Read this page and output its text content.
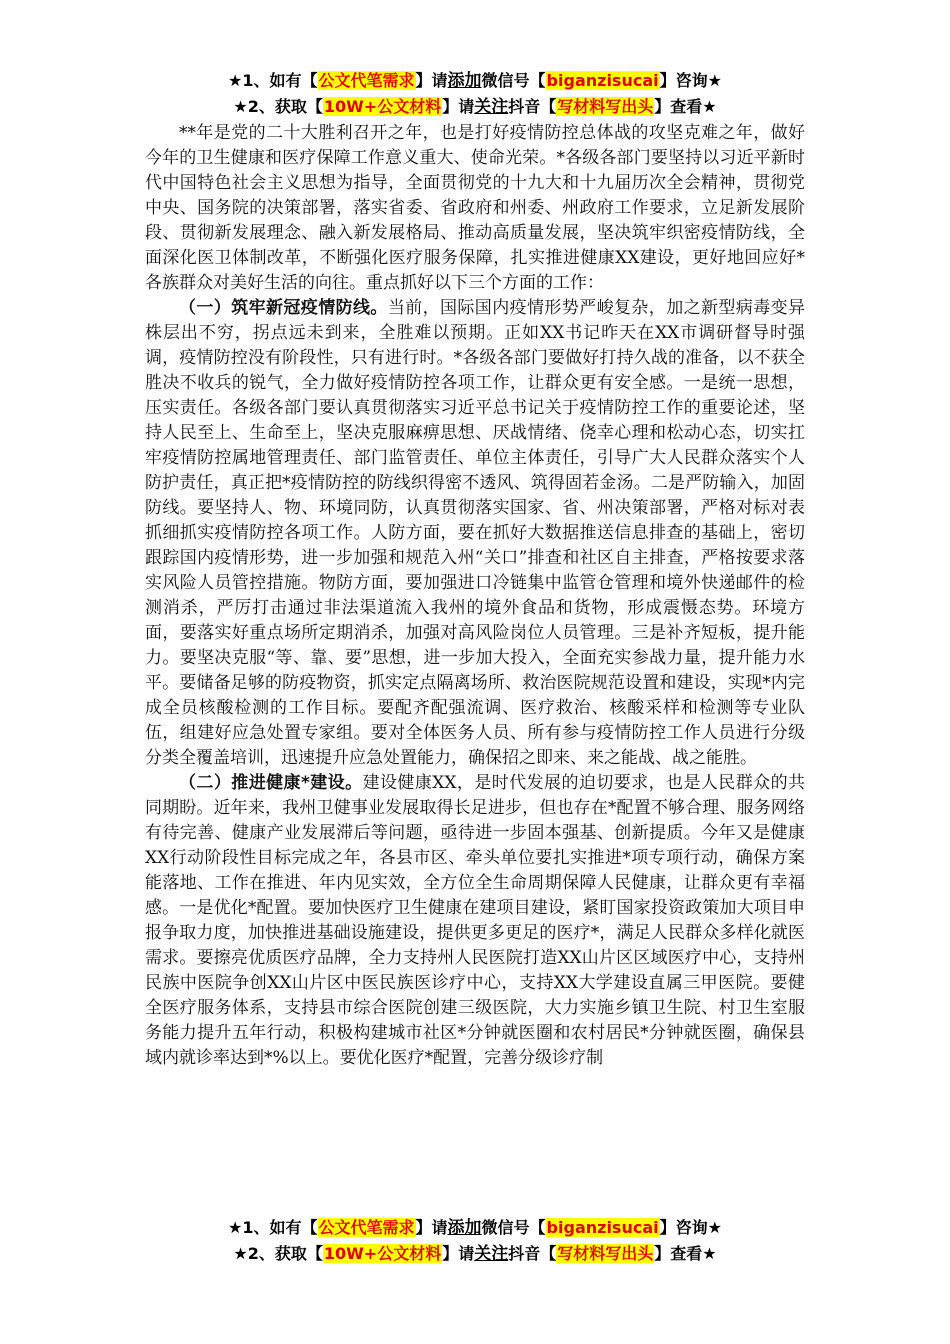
★1、如有【公文代笔需求】请添加微信号【biganzisucai】咨询★
★2、获取【10W+公文材料】请关注抖音【写材料写出头】查看★

**年是党的二十大胜利召开之年，也是打好疫情防控总体战的攻坚克难之年，做好今年的卫生健康和医疗保障工作意义重大、使命光荣。*各级各部门要坚持以习近平新时代中国特色社会主义思想为指导，全面贯彻党的十九大和十九届历次全会精神，贯彻党中央、国务院的决策部署，落实省委、省政府和州委、州政府工作要求，立足新发展阶段、贯彻新发展理念、融入新发展格局、推动高质量发展，坚决筑牢织密疫情防线，全面深化医卫体制改革，不断强化医疗服务保障，扎实推进健康XX建设，更好地回应好*各族群众对美好生活的向往。重点抓好以下三个方面的工作：

（一）筑牢新冠疫情防线。当前，国际国内疫情形势严峻复杂，加之新型病毒变异株层出不穷，拐点远未到来，全胜难以预期。正如XX书记昨天在XX市调研督导时强调，疫情防控没有阶段性，只有进行时。*各级各部门要做好打持久战的准备，以不获全胜决不收兵的锐气，全力做好疫情防控各项工作，让群众更有安全感。一是统一思想，压实责任。各级各部门要认真贯彻落实习近平总书记关于疫情防控工作的重要论述，坚持人民至上、生命至上，坚决克服麻痹思想、厌战情绪、侥幸心理和松动心态，切实扛牢疫情防控属地管理责任、部门监管责任、单位主体责任，引导广大人民群众落实个人防护责任，真正把*疫情防控的防线织得密不透风、筑得固若金汤。二是严防输入，加固防线。要坚持人、物、环境同防，认真贯彻落实国家、省、州决策部署，严格对标对表抓细抓实疫情防控各项工作。人防方面，要在抓好大数据推送信息排查的基础上，密切跟踪国内疫情形势，进一步加强和规范入州“关口”排查和社区自主排查，严格按要求落实风险人员管控措施。物防方面，要加强进口冷链集中监管仓管理和境外快递邮件的检测消杀，严厉打击通过非法渠道流入我州的境外食品和货物，形成震慑态势。环境方面，要落实好重点场所定期消杀，加强对高风险岗位人员管理。三是补齐短板，提升能力。要坚决克服“等、靠、要”思想，进一步加大投入，全面充实参战力量，提升能力水平。要储备足够的防疫物资，抓实定点隔离场所、救治医院规范设置和建设，实现*内完成全员核酸检测的工作目标。要配齐配强流调、医疗救治、核酸采样和检测等专业队伍，组建好应急处置专家组。要对全体医务人员、所有参与疫情防控工作人员进行分级分类全覆盖培训，迅速提升应急处置能力，确保招之即来、来之能战、战之能胜。

（二）推进健康*建设。建设健康XX，是时代发展的迫切要求，也是人民群众的共同期盼。近年来，我州卫健事业发展取得长足进步，但也存在*配置不够合理、服务网络有待完善、健康产业发展滞后等问题，亟待进一步固本强基、创新提质。今年又是健康XX行动阶段性目标完成之年，各县市区、牵头单位要扎实推进*项专项行动，确保方案能落地、工作在推进、年内见实效，全方位全生命周期保障人民健康，让群众更有幸福感。一是优化*配置。要加快医疗卫生健康在建项目建设，紧盯国家投资政策加大项目申报争取力度，加快推进基础设施建设，提供更多更足的医疗*，满足人民群众多样化就医需求。要擦亮优质医疗品牌，全力支持州人民医院打造XX山片区区域医疗中心，支持州民族中医院争创XX山片区中医民族医诊疗中心，支持XX大学建设直属三甲医院。要健全医疗服务体系，支持县市综合医院创建三级医院，大力实施乡镇卫生院、村卫生室服务能力提升五年行动，积极构建城市社区*分钟就医圈和农村居民*分钟就医圈，确保县域内就诊率达到*%以上。要优化医疗*配置，完善分级诊疗制

★1、如有【公文代笔需求】请添加微信号【biganzisucai】咨询★
★2、获取【10W+公文材料】请关注抖音【写材料写出头】查看★
